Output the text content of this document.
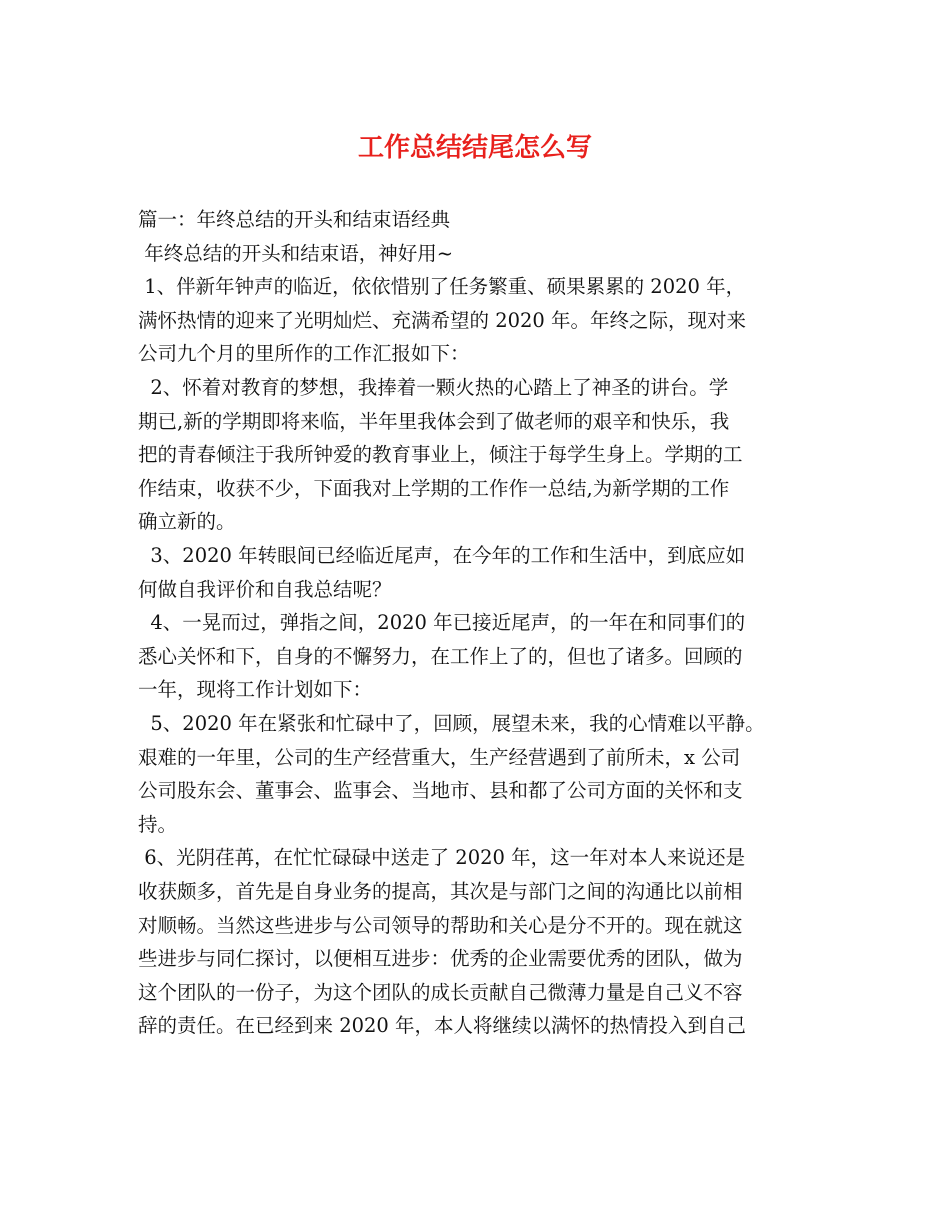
工作总结结尾怎么写

篇一：年终总结的开头和结束语经典

年终总结的开头和结束语，神好用~

1、伴新年钟声的临近，依依惜别了任务繁重、硕果累累的 2020 年，

满怀热情的迎来了光明灿烂、充满希望的 2020 年。年终之际，现对来

公司九个月的里所作的工作汇报如下：

2、怀着对教育的梦想，我捧着一颗火热的心踏上了神圣的讲台。学

期已,新的学期即将来临，半年里我体会到了做老师的艰辛和快乐，我

把的青春倾注于我所钟爱的教育事业上，倾注于每学生身上。学期的工

作结束，收获不少，下面我对上学期的工作作一总结,为新学期的工作

确立新的。

3、2020 年转眼间已经临近尾声，在今年的工作和生活中，到底应如

何做自我评价和自我总结呢？

4、一晃而过，弹指之间，2020 年已接近尾声，的一年在和同事们的

悉心关怀和下，自身的不懈努力，在工作上了的，但也了诸多。回顾的

一年，现将工作计划如下：

5、2020 年在紧张和忙碌中了，回顾，展望未来，我的心情难以平静。

艰难的一年里，公司的生产经营重大，生产经营遇到了前所未，x 公司

公司股东会、董事会、监事会、当地市、县和都了公司方面的关怀和支

持。

6、光阴荏苒，在忙忙碌碌中送走了 2020 年，这一年对本人来说还是

收获颇多，首先是自身业务的提高，其次是与部门之间的沟通比以前相

对顺畅。当然这些进步与公司领导的帮助和关心是分不开的。现在就这

些进步与同仁探讨，以便相互进步：优秀的企业需要优秀的团队，做为

这个团队的一份子，为这个团队的成长贡献自己微薄力量是自己义不容

辞的责任。在已经到来 2020 年，本人将继续以满怀的热情投入到自己
